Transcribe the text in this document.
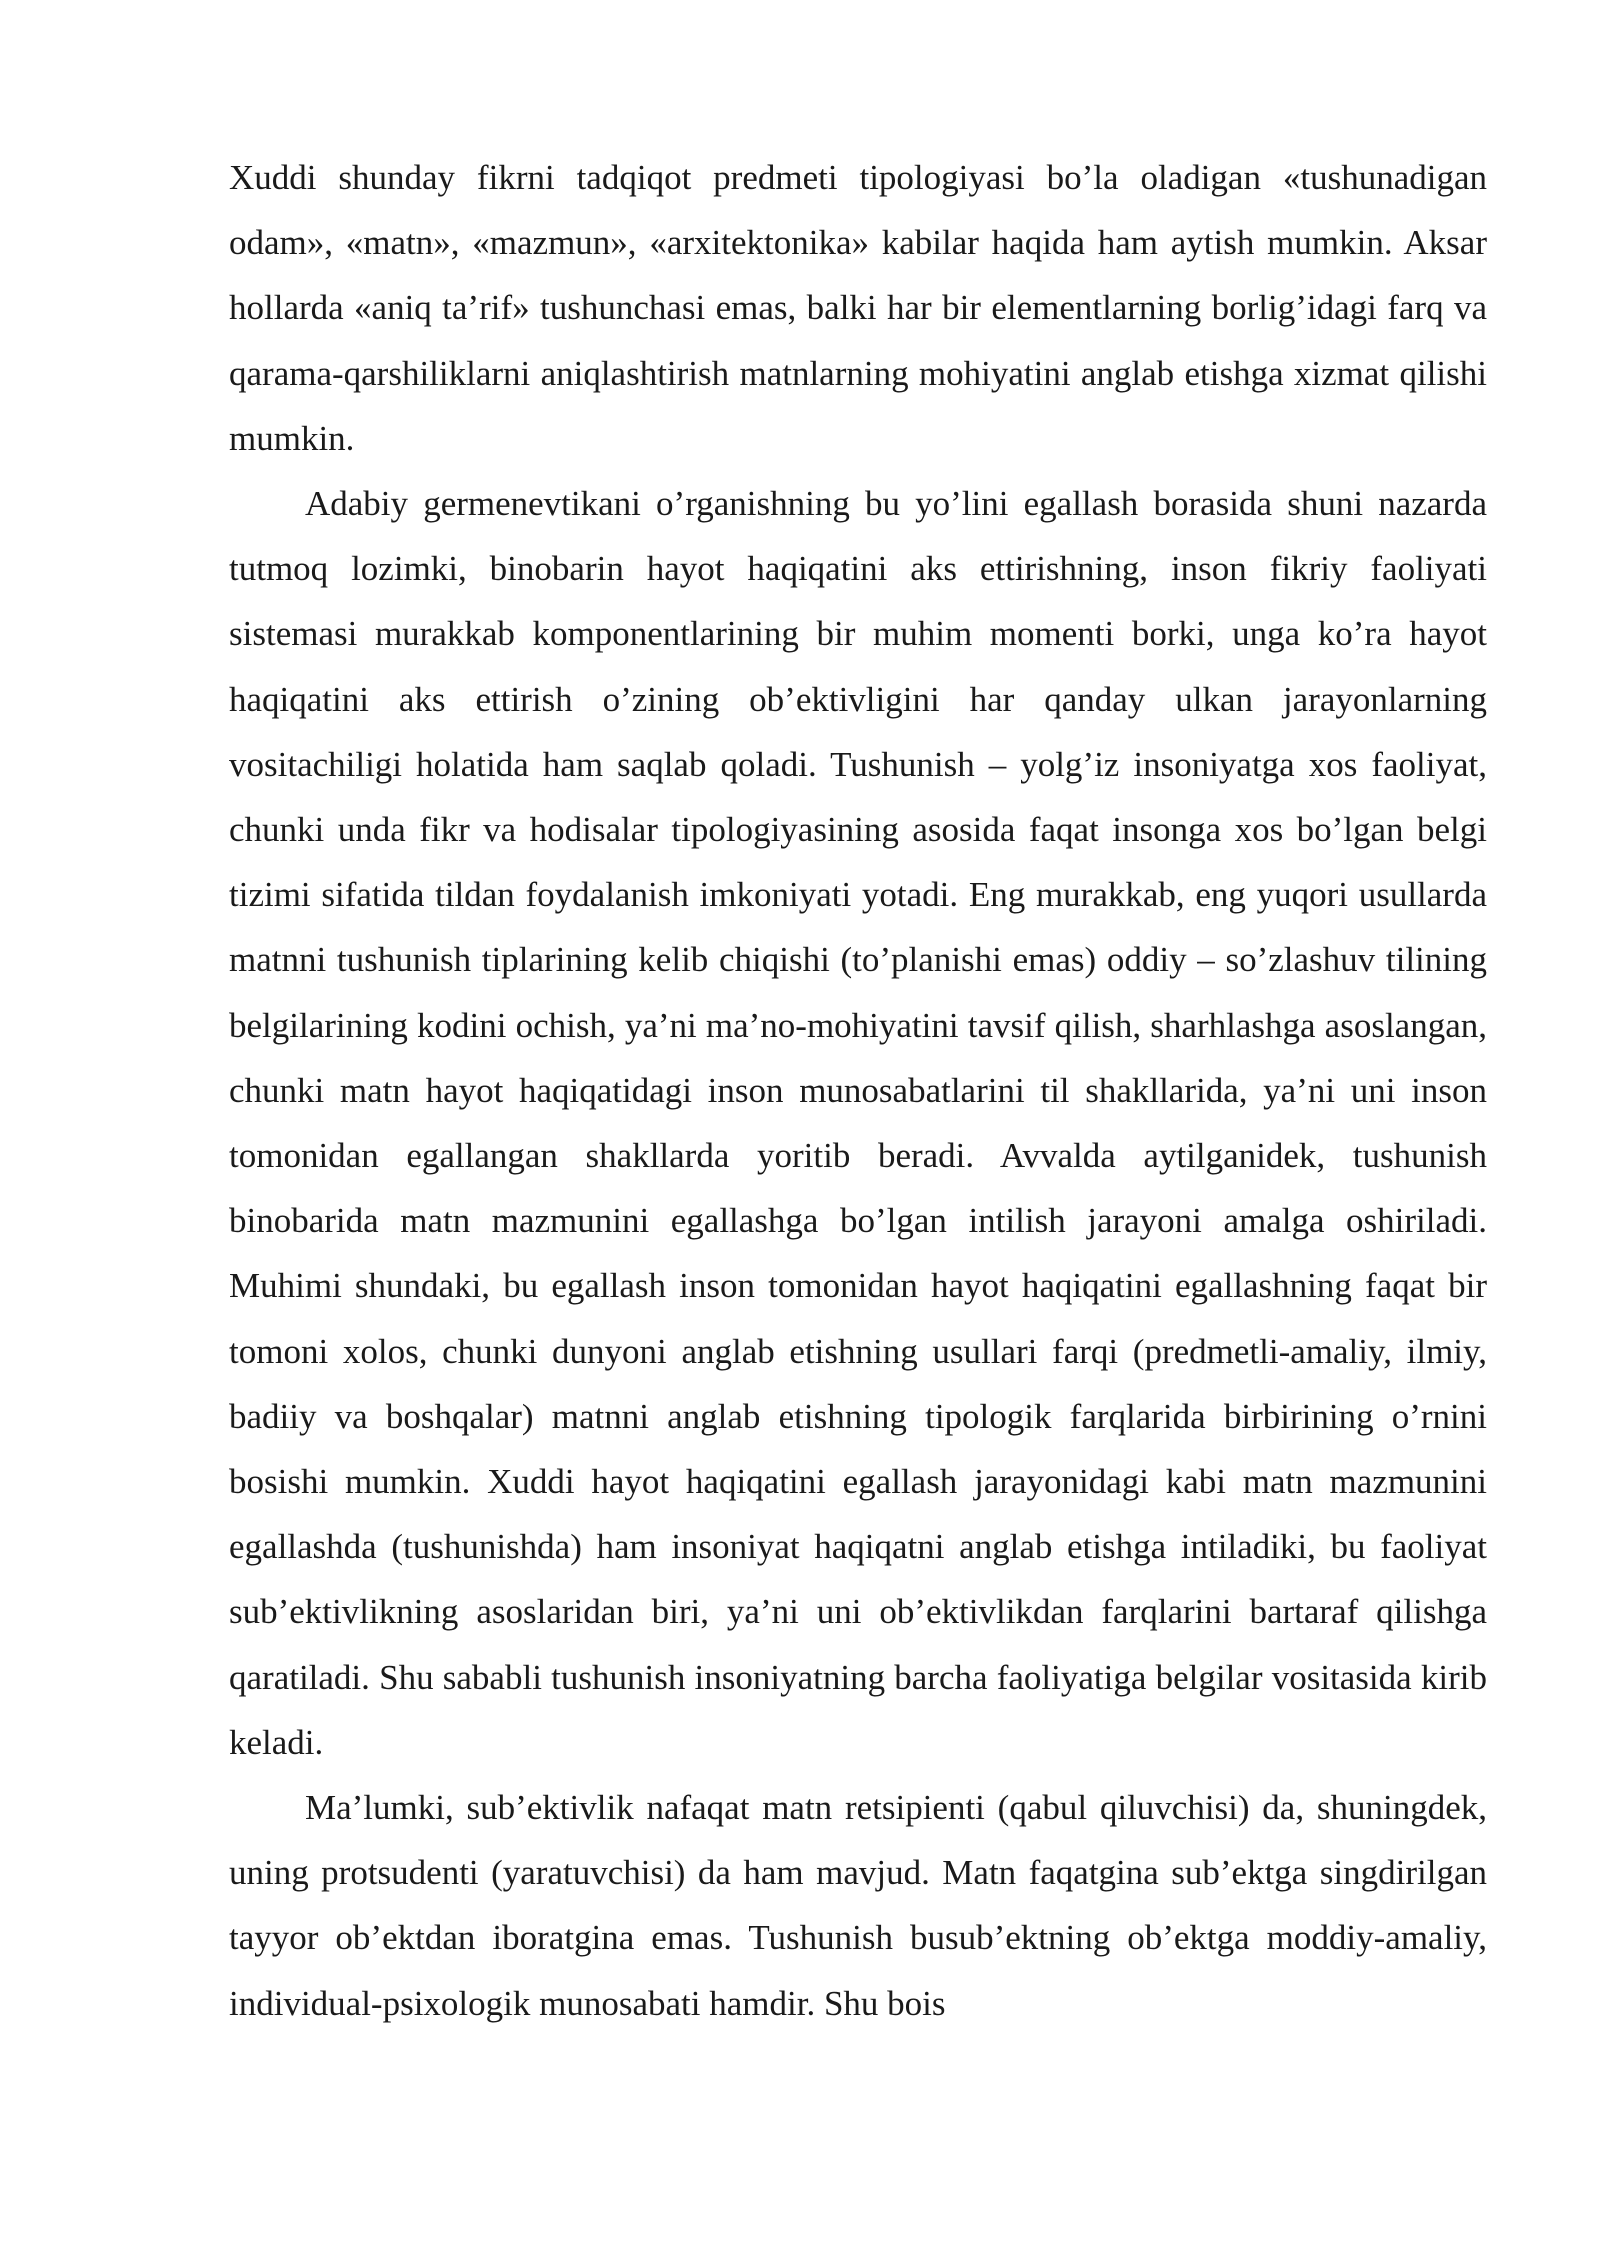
Xuddi shunday fikrni tadqiqot predmeti tipologiyasi bo’la oladigan «tushunadigan odam», «matn», «mazmun», «arxitektonika» kabilar haqida ham aytish mumkin. Aksar hollarda «aniq ta’rif» tushunchasi emas, balki har bir elementlarning borlig’idagi farq va qarama-qarshiliklarni aniqlashtirish matnlarning mohiyatini anglab etishga xizmat qilishi mumkin.

Adabiy germenevtikani o’rganishning bu yo’lini egallash borasida shuni nazarda tutmoq lozimki, binobarin hayot haqiqatini aks ettirishning, inson fikriy faoliyati sistemasi murakkab komponentlarining bir muhim momenti borki, unga ko’ra hayot haqiqatini aks ettirish o’zining ob’ektivligini har qanday ulkan jarayonlarning vositachiligi holatida ham saqlab qoladi. Tushunish – yolg’iz insoniyatga xos faoliyat, chunki unda fikr va hodisalar tipologiyasining asosida faqat insonga xos bo’lgan belgi tizimi sifatida tildan foydalanish imkoniyati yotadi. Eng murakkab, eng yuqori usullarda matnni tushunish tiplarining kelib chiqishi (to’planishi emas) oddiy – so’zlashuv tilining belgilarining kodini ochish, ya’ni ma’no-mohiyatini tavsif qilish, sharhlashga asoslangan, chunki matn hayot haqiqatidagi inson munosabatlarini til shakllarida, ya’ni uni inson tomonidan egallangan shakllarda yoritib beradi. Avvalda aytilganidek, tushunish binobarida matn mazmunini egallashga bo’lgan intilish jarayoni amalga oshiriladi. Muhimi shundaki, bu egallash inson tomonidan hayot haqiqatini egallashning faqat bir tomoni xolos, chunki dunyoni anglab etishning usullari farqi (predmetli-amaliy, ilmiy, badiiy va boshqalar) matnni anglab etishning tipologik farqlarida birbirining o’rnini bosishi mumkin. Xuddi hayot haqiqatini egallash jarayonidagi kabi matn mazmunini egallashda (tushunishda) ham insoniyat haqiqatni anglab etishga intiladiki, bu faoliyat sub’ektivlikning asoslaridan biri, ya’ni uni ob’ektivlikdan farqlarini bartaraf qilishga qaratiladi. Shu sababli tushunish insoniyatning barcha faoliyatiga belgilar vositasida kirib keladi.

Ma’lumki, sub’ektivlik nafaqat matn retsipienti (qabul qiluvchisi) da, shuningdek, uning protsudenti (yaratuvchisi) da ham mavjud. Matn faqatgina sub’ektga singdirilgan tayyor ob’ektdan iboratgina emas. Tushunish busub’ektning ob’ektga moddiy-amaliy, individual-psixologik munosabati hamdir. Shu bois
